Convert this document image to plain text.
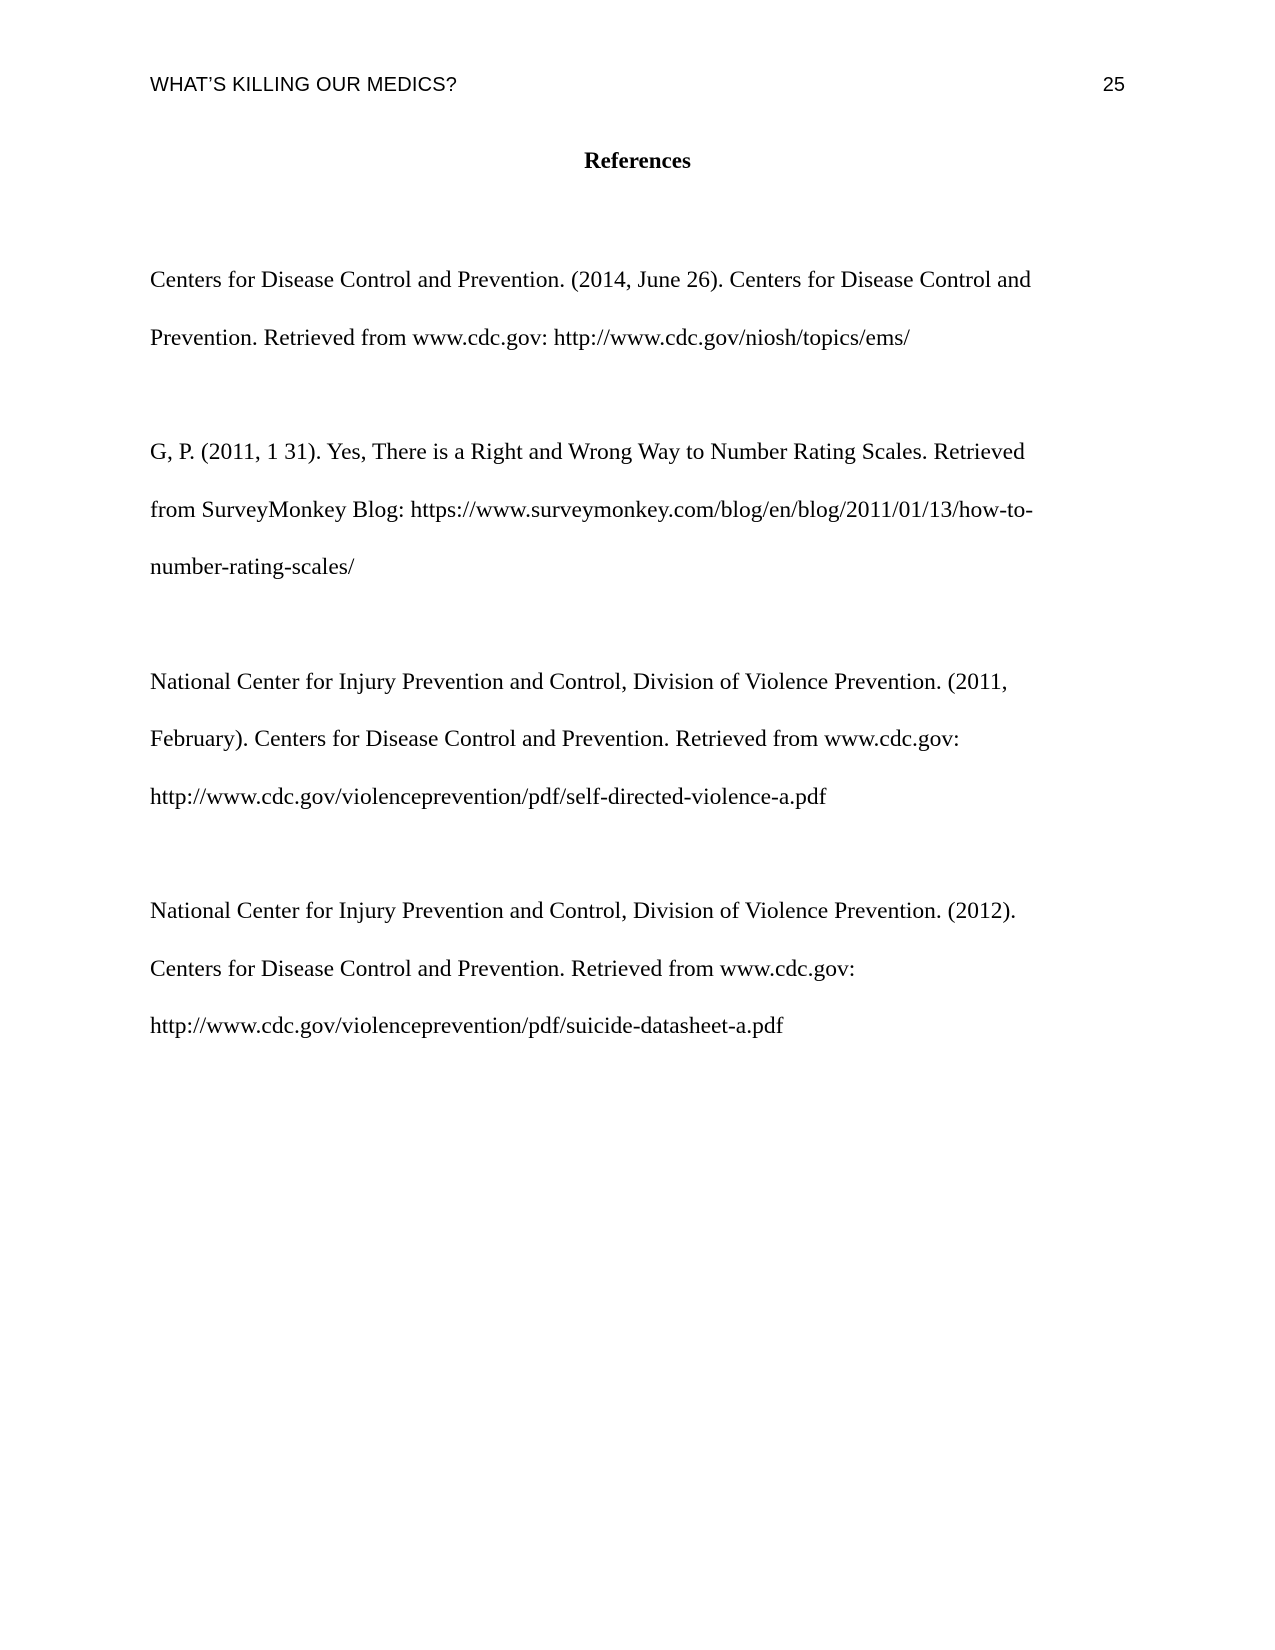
WHAT’S KILLING OUR MEDICS?	25
References
Centers for Disease Control and Prevention. (2014, June 26). Centers for Disease Control and
Prevention. Retrieved from www.cdc.gov: http://www.cdc.gov/niosh/topics/ems/
G, P. (2011, 1 31). Yes, There is a Right and Wrong Way to Number Rating Scales. Retrieved
from SurveyMonkey Blog: https://www.surveymonkey.com/blog/en/blog/2011/01/13/how-to-
number-rating-scales/
National Center for Injury Prevention and Control, Division of Violence Prevention. (2011,
February). Centers for Disease Control and Prevention. Retrieved from www.cdc.gov:
http://www.cdc.gov/violenceprevention/pdf/self-directed-violence-a.pdf
National Center for Injury Prevention and Control, Division of Violence Prevention. (2012).
Centers for Disease Control and Prevention. Retrieved from www.cdc.gov:
http://www.cdc.gov/violenceprevention/pdf/suicide-datasheet-a.pdf
